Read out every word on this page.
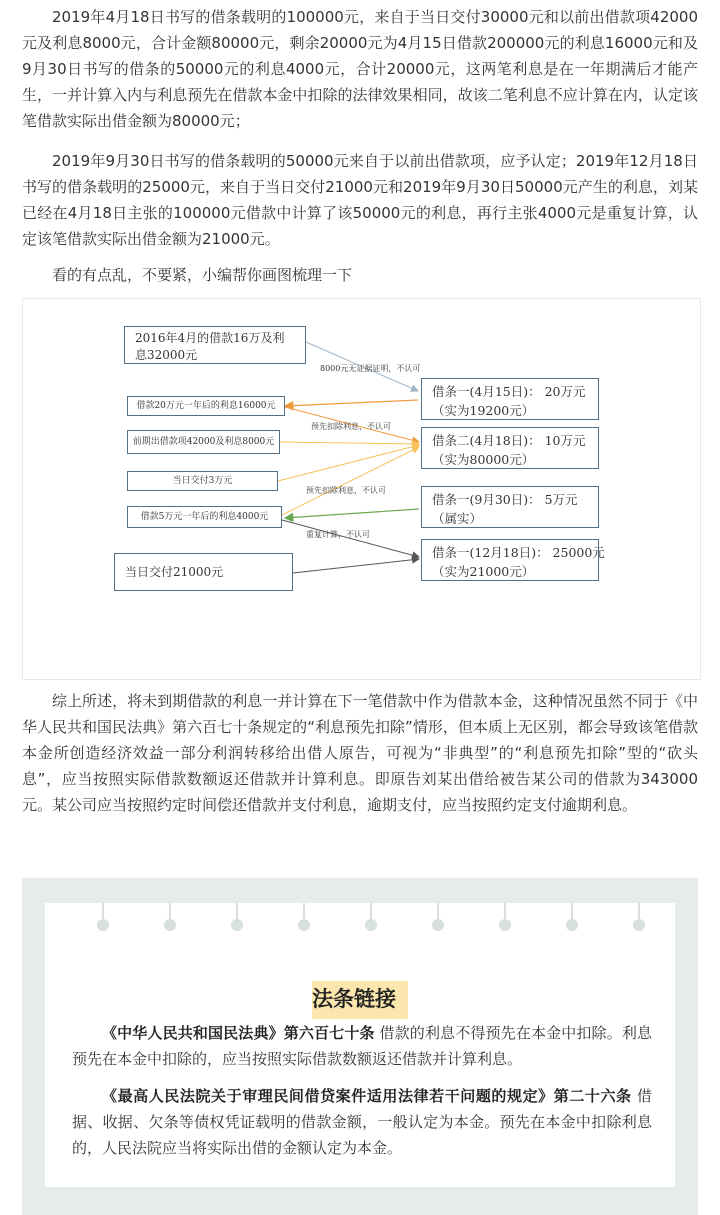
2019年4月18日书写的借条载明的100000元，来自于当日交付30000元和以前出借款项42000元及利息8000元，合计金额80000元，剩余20000元为4月15日借款200000元的利息16000元和及9月30日书写的借条的50000元的利息4000元，合计20000元，这两笔利息是在一年期满后才能产生，一并计算入内与利息预先在借款本金中扣除的法律效果相同，故该二笔利息不应计算在内，认定该笔借款实际出借金额为80000元；

2019年9月30日书写的借条载明的50000元来自于以前出借款项，应予认定；2019年12月18日书写的借条载明的25000元，来自于当日交付21000元和2019年9月30日50000元产生的利息，刘某已经在4月18日主张的100000元借款中计算了该50000元的利息，再行主张4000元是重复计算，认定该笔借款实际出借金额为21000元。

看的有点乱，不要紧，小编帮你画图梳理一下

2016年4月的借款16万及利
息32000元
借款20万元一年后的利息16000元
前期出借款项42000及利息8000元
当日交付3万元
借款5万元一年后的利息4000元
当日交付21000元
借条一(4月15日)： 20万元
（实为19200元）
借条二(4月18日)： 10万元
（实为80000元）
借条一(9月30日)： 5万元
（属实）
借条一(12月18日)： 25000元
（实为21000元）
8000元无证据证明，不认可
预先扣除利息，不认可
预先扣除利息，不认可
重复计算，不认可

综上所述，将未到期借款的利息一并计算在下一笔借款中作为借款本金，这种情况虽然不同于《中华人民共和国民法典》第六百七十条规定的“利息预先扣除”情形，但本质上无区别，都会导致该笔借款本金所创造经济效益一部分利润转移给出借人原告，可视为“非典型”的“利息预先扣除”型的“砍头息”，应当按照实际借款数额返还借款并计算利息。即原告刘某出借给被告某公司的借款为343000元。某公司应当按照约定时间偿还借款并支付利息，逾期支付，应当按照约定支付逾期利息。

法条链接

《中华人民共和国民法典》第六百七十条 借款的利息不得预先在本金中扣除。利息预先在本金中扣除的，应当按照实际借款数额返还借款并计算利息。

《最高人民法院关于审理民间借贷案件适用法律若干问题的规定》第二十六条 借据、收据、欠条等债权凭证载明的借款金额，一般认定为本金。预先在本金中扣除利息的，人民法院应当将实际出借的金额认定为本金。
